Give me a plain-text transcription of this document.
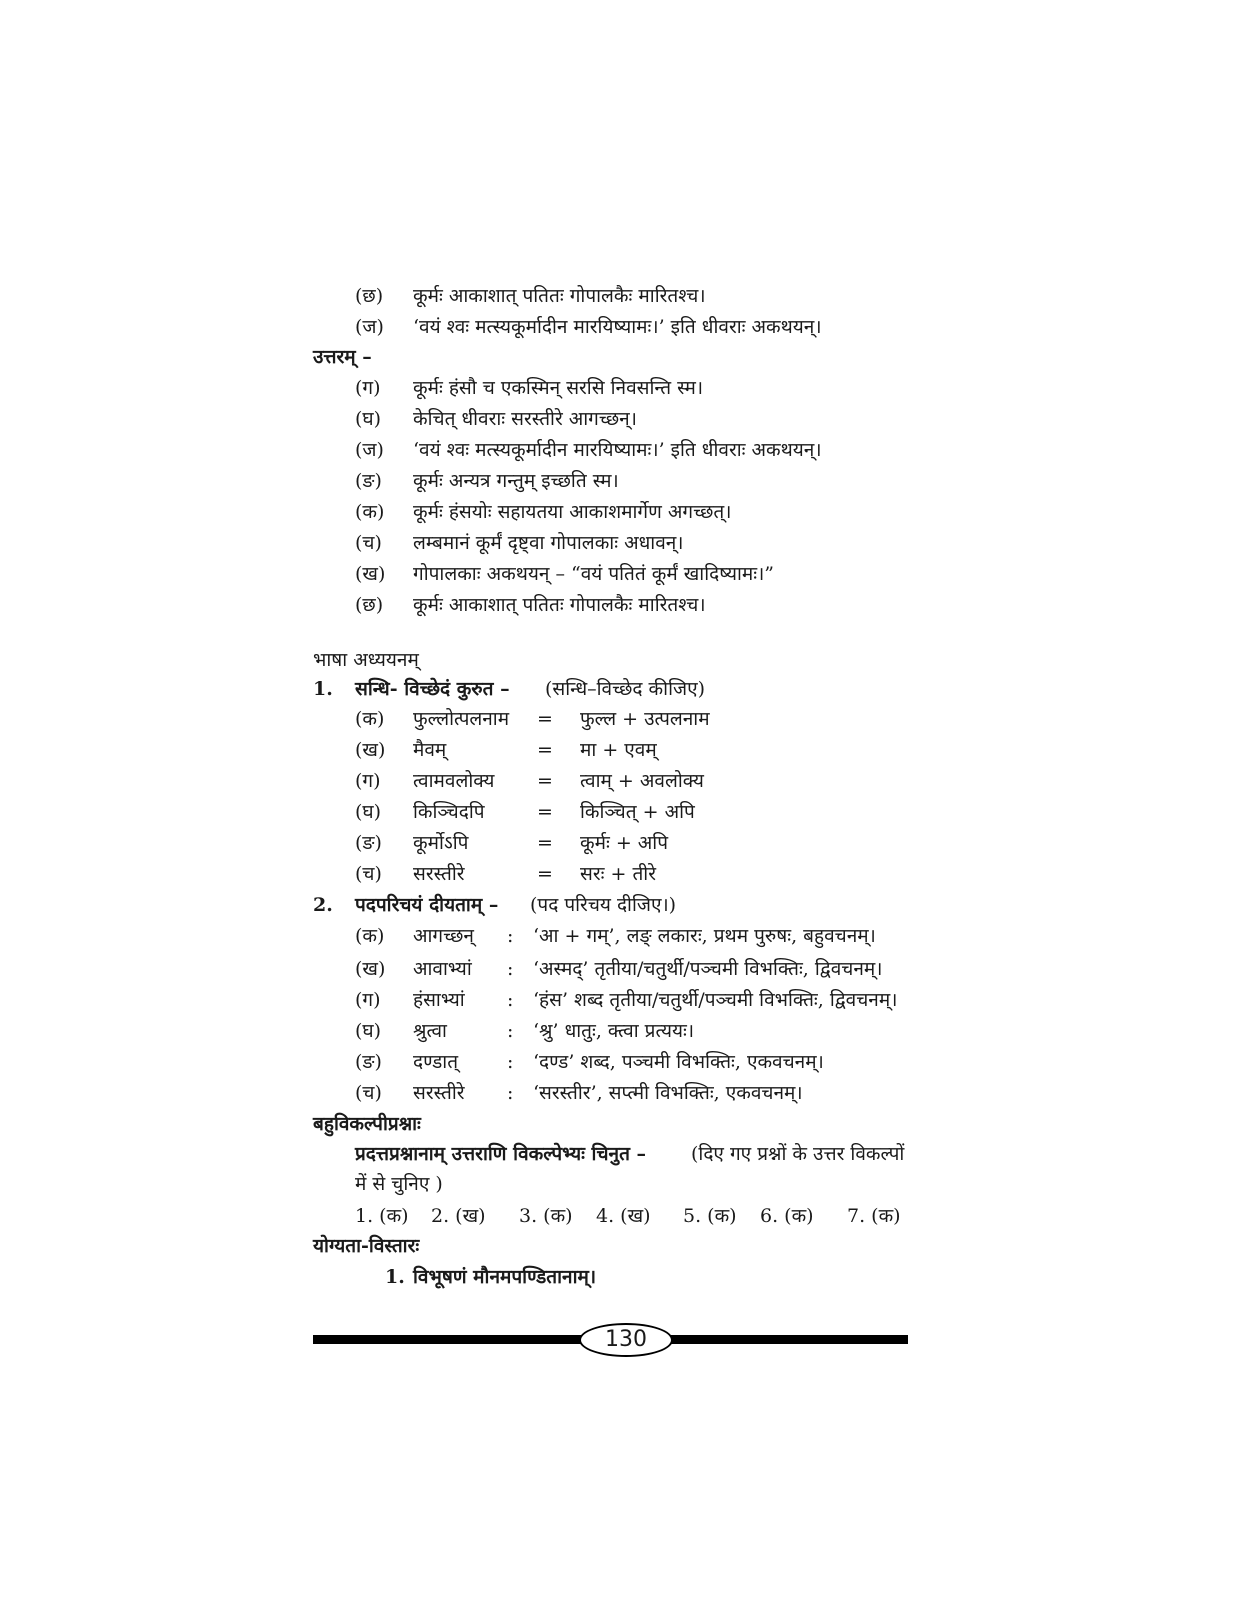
(छ)	कूर्मः आकाशात् पतितः गोपालकैः मारितश्च।
(ज)	‘वयं श्वः मत्स्यकूर्मादीन मारयिष्यामः।’ इति धीवराः अकथयन्।
उत्तरम् –
(ग)	कूर्मः हंसौ च एकस्मिन् सरसि निवसन्ति स्म।
(घ)	केचित् धीवराः सरस्तीरे आगच्छन्।
(ज)	‘वयं श्वः मत्स्यकूर्मादीन मारयिष्यामः।’ इति धीवराः अकथयन्।
(ङ)	कूर्मः अन्यत्र गन्तुम् इच्छति स्म।
(क)	कूर्मः हंसयोः सहायतया आकाशमार्गेण अगच्छत्।
(च)	लम्बमानं कूर्मं दृष्ट्वा गोपालकाः अधावन्।
(ख)	गोपालकाः अकथयन् – “वयं पतितं कूर्मं खादिष्यामः।”
(छ)	कूर्मः आकाशात् पतितः गोपालकैः मारितश्च।
भाषा अध्ययनम्
1. सन्धि- विच्छेदं कुरुत – (सन्धि–विच्छेद कीजिए)
(क)	फुल्लोत्पलनाम = फुल्ल + उत्पलनाम
(ख)	मैवम्	= मा + एवम्
(ग)	त्वामवलोक्य = त्वाम् + अवलोक्य
(घ)	किञ्चिदपि	= किञ्चित् + अपि
(ङ)	कूर्मोऽपि	= कूर्मः + अपि
(च)	सरस्तीरे	= सरः + तीरे
2. पदपरिचयं दीयताम् – (पद परिचय दीजिए।)
(क)	आगच्छन् : ‘आ + गम्’, लङ् लकारः, प्रथम पुरुषः, बहुवचनम्।
(ख)	आवाभ्यां : ‘अस्मद्’ तृतीया/चतुर्थी/पञ्चमी विभक्तिः, द्विवचनम्।
(ग)	हंसाभ्यां : ‘हंस’ शब्द तृतीया/चतुर्थी/पञ्चमी विभक्तिः, द्विवचनम्।
(घ)	श्रुत्वा	: ‘श्रु’ धातुः, क्त्वा प्रत्ययः।
(ङ)	दण्डात्	: ‘दण्ड’ शब्द, पञ्चमी विभक्तिः, एकवचनम्।
(च)	सरस्तीरे : ‘सरस्तीर’, सप्त्मी विभक्तिः, एकवचनम्।
बहुविकल्पीप्रश्नाः
प्रदत्तप्रश्नानाम् उत्तराणि विकल्पेभ्यः चिनुत – (दिए गए प्रश्नों के उत्तर विकल्पों
में से चुनिए )
1. (क) 2. (ख) 3. (क) 4. (ख) 5. (क) 6. (क) 7. (क)
योग्यता-विस्तारः
1. विभूषणं मौनमपण्डितानाम्।
130
